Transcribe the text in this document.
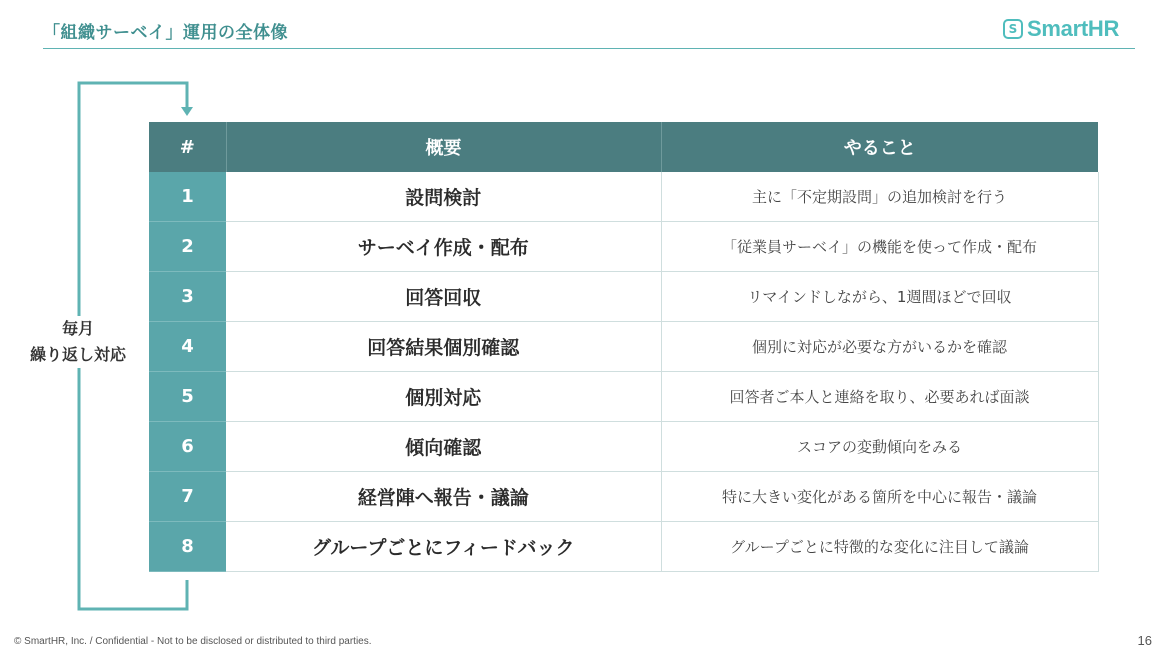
「組織サーベイ」運用の全体像	S SmartHR
毎月
繰り返し対応
#	概要	やること
1	設問検討	主に「不定期設問」の追加検討を行う
2	サーベイ作成・配布	「従業員サーベイ」の機能を使って作成・配布
3	回答回収	リマインドしながら、1週間ほどで回収
4	回答結果個別確認	個別に対応が必要な方がいるかを確認
5	個別対応	回答者ご本人と連絡を取り、必要あれば面談
6	傾向確認	スコアの変動傾向をみる
7	経営陣へ報告・議論	特に大きい変化がある箇所を中心に報告・議論
8	グループごとにフィードバック	グループごとに特徴的な変化に注目して議論
© SmartHR, Inc. / Confidential - Not to be disclosed or distributed to third parties.	16
